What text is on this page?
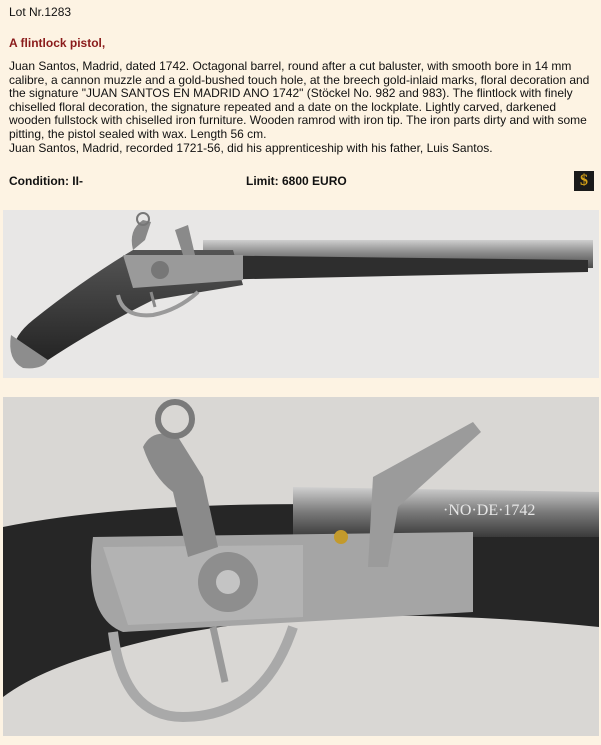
Lot Nr.1283
A flintlock pistol,

Juan Santos, Madrid, dated 1742. Octagonal barrel, round after a cut baluster, with smooth bore in 14 mm calibre, a cannon muzzle and a gold-bushed touch hole, at the breech gold-inlaid marks, floral decoration and the signature "JUAN SANTOS EN MADRID ANO 1742" (Stöckel No. 982 and 983). The flintlock with finely chiselled floral decoration, the signature repeated and a date on the lockplate. Lightly carved, darkened wooden fullstock with chiselled iron furniture. Wooden ramrod with iron tip. The iron parts dirty and with some pitting, the pistol sealed with wax. Length 56 cm.

Juan Santos, Madrid, recorded 1721-56, did his apprenticeship with his father, Luis Santos.

Condition: II-	Limit: 6800 EURO	$
·NO·DE·1742
